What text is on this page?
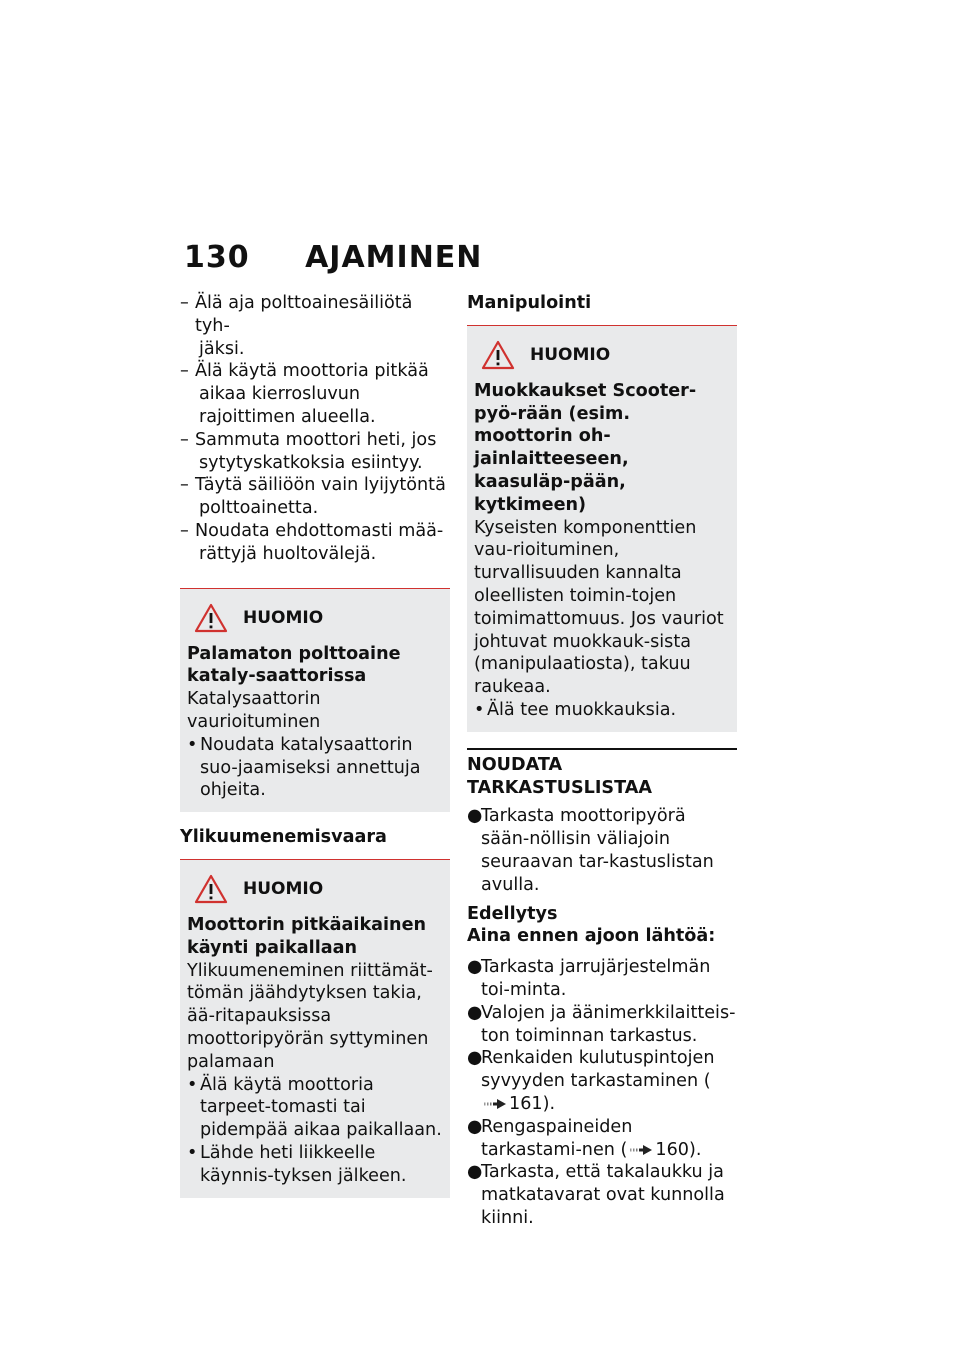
130 AJAMINEN
– Älä aja polttoainesäiliötä tyh-
jäksi.
– Älä käytä moottoria pitkää

aikaa kierrosluvun rajoittimen alueella.
– Sammuta moottori heti, jos
sytytyskatkoksia esiintyy.
– Täytä säiliöön vain lyijytöntä
polttoainetta.
– Noudata ehdottomasti mää-
rättyjä huoltovälejä.
HUOMIO
Palamaton polttoaine kataly-saattorissa
Katalysaattorin vaurioituminen
• Noudata katalysaattorin suo-jaamiseksi annettuja ohjeita.
Ylikuumenemisvaara
HUOMIO
Moottorin pitkäaikainen käynti paikallaan
Ylikuumeneminen riittämät-tömän jäähdytyksen takia, ää-ritapauksissa moottoripyörän syttyminen palamaan
• Älä käytä moottoria tarpeet-tomasti tai pidempää aikaa paikallaan.
• Lähde heti liikkeelle käynnis-tyksen jälkeen.
Manipulointi
HUOMIO
Muokkaukset Scooter-pyö-rään (esim. moottorin oh-jainlaitteeseen, kaasuläp-pään, kytkimeen)
Kyseisten komponenttien vau-rioituminen, turvallisuuden kannalta oleellisten toimin-tojen toimimattomuus. Jos vauriot johtuvat muokkauk-sista (manipulaatiosta), takuu raukeaa.
• Älä tee muokkauksia.
NOUDATA
TARKASTUSLISTAA
●
Tarkasta moottoripyörä sään-nöllisin väliajoin seuraavan tar-kastuslistan avulla.
Edellytys
Aina ennen ajoon lähtöä:
●
Tarkasta jarrujärjestelmän toi-minta.
●
Valojen ja äänimerkkilaitteis-ton toiminnan tarkastus.
●
Renkaiden kulutuspintojen syvyyden tarkastaminen (161).
●
Rengaspaineiden tarkastami-nen ( 160).
●
Tarkasta, että takalaukku ja matkatavarat ovat kunnolla kiinni.
